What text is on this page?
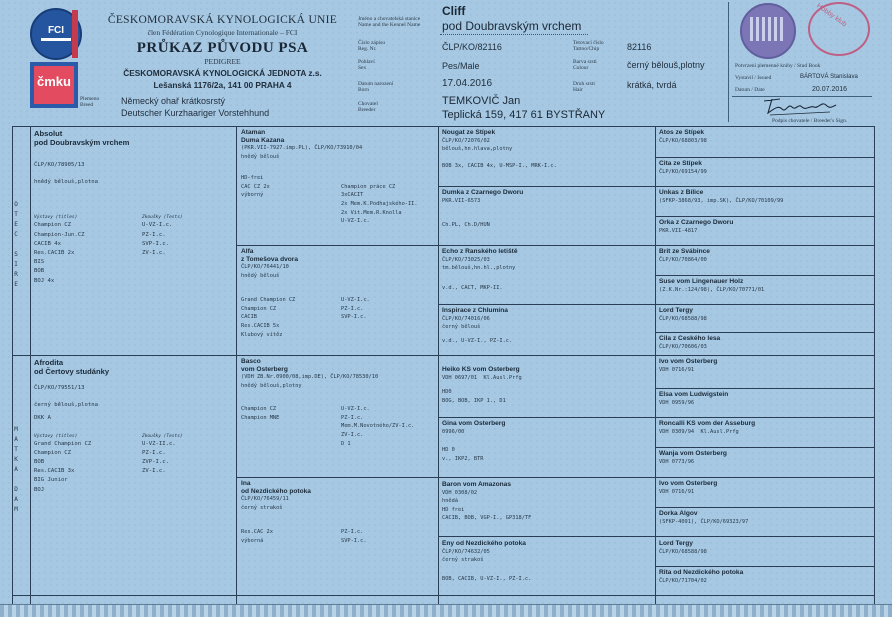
FCI
čmku
ČESKOMORAVSKÁ KYNOLOGICKÁ UNIE
člen Fédération Cynologique Internationale – FCI
PRŮKAZ PŮVODU PSA
PEDIGREE
ČESKOMORAVSKÁ KYNOLOGICKÁ JEDNOTA z.s.
Lešanská 1176/2a, 141 00 PRAHA 4
Plemeno
Breed	Německý ohař krátkosrstý
Deutscher Kurzhaariger Vorstehhund
Jméno a chovatelská stanice
Name and the Kennel Name
Číslo zápisu
Reg. Nr.
Pohlaví
Sex
Datum narození
Born
Chovatel
Breeder
Tetovací číslo
Tattoo/Chip
Barva srsti
Colour
Druh srsti
Hair
Cliff
pod Doubravským vrchem
ČLP/KO/82116
Pes/Male
17.04.2016
TEMKOVIČ Jan
Teplická 159, 417 61 BYSTŘANY
82116
černý bělouš,plotny
krátká, tvrdá
Hobby klub
Potvrzení plemenné knihy / Stud Book
Vystavil / Issued	BÁRTOVÁ Stanislava
Datum / Date	20.07.2016
Podpis chovatele / Breeder's Sign.
O
T
E
C

S
I
R
E
M
A
T
K
A

D
A
M
Absolut
pod Doubravským vrchem
ČLP/KO/78905/13
hnědý bělouš,plotna
Výstavy (titles)	Zkoušky (Tests)
Champion CZ
Champion-Jun.CZ
CACIB 4x
Res.CACIB 2x
BIS
BOB
BOJ 4x
U-VZ-I.c.
PZ-I.c.
SVP-I.c.
ZV-I.c.
Afrodita
od Čertovy studánky
ČLP/KO/79551/13
černý bělouš,plotna
DKK A
Výstavy (titles)	Zkoušky (Tests)
Grand Champion CZ
Champion CZ
BOB
Res.CACIB 3x
BIG Junior
BOJ
U-VZ-II.c.
PZ-I.c.
ZVP-I.c.
ZV-I.c.
Ataman
Duma Kazana
(PKR.VII-7927.imp.PL), ČLP/KO/73910/04
hnědý bělouš
HD-frei
CAC CZ 2x
výborný
Champion práce CZ
3xCACIT
2x Mem.K.Podhajského-II.
2x Vit.Mem.R.Knolla
U-VZ-I.c.
Alfa
z Tomešova dvora
ČLP/KO/76441/10
hnědý bělouš
Grand Champion CZ
Champion CZ
CACIB
Res.CACIB 5x
Klubový vítěz
U-VZ-I.c.
PZ-I.c.
SVP-I.c.
Basco
vom Osterberg
(VDH ZB.Nr.0900/08,imp.DE), ČLP/KO/78530/10
hnědý bělouš,plotny
Champion CZ
Champion MNE
U-VZ-I.c.
PZ-I.c.
Mem.M.Novotného/ZV-I.c.
ZV-I.c.
D 1
Ina
od Nezdického potoka
ČLP/KO/76459/11
černý strakoš
Res.CAC 2x
výborná
PZ-I.c.
SVP-I.c.
Nougat ze Štípek
ČLP/KO/72076/02
bělouš,hn.hlava,plotny
BOB 3x, CACIB 4x, U-MSP-I., MRK-I.c.
Dumka z Czarnego Dworu
PKR.VII-6573
Ch.PL, Ch.D/HUN
Echo z Ranského letiště
ČLP/KO/73025/03
tm.bělouš,hn.hl.,plotny
v.d., CACT, MKP-II.
Inspirace z Chlumína
ČLP/KO/74016/06
černý bělouš
v.d., U-VZ-I., PZ-I.c.
Heiko KS vom Osterberg
VDH 0697/01  Kl.Ausl.Prfg
HD0
BOG, BOB, IKP 1., D1
Gina vom Osterberg
0996/00
HD 0
v., IKP2, BTR
Baron vom Amazonas
VDH 0308/02
hnědá
HD frei
CACIB, BOB, VGP-I., GP318/TF
Ény od Nezdického potoka
ČLP/KO/74632/05
černý strakoš
BOB, CACIB, U-VZ-I., PZ-I.c.
Atos ze Štípek
ČLP/KO/68803/98
Cita ze Štípek
ČLP/KO/69154/99
Unkas z Bílice
(SFKP-3868/93, imp.SK), ČLP/KO/70109/99
Orka z Czarnego Dworu
PKR.VII-4817
Brit ze Švábince
ČLP/KO/70864/00
Suse vom Lingenauer Holz
(Z.K.Nr.:124/98), ČLP/KO/70771/01
Lord Tergy
ČLP/KO/68588/98
Cila z Českého lesa
ČLP/KO/70606/03
Ivo vom Osterberg
VDH 0716/91
Elsa vom Ludwigstein
VDH 0959/96
Roncalli KS vom der Asseburg
VDH 0309/94  Kl.Ausl.Prfg
Wanja vom Osterberg
VDH 0773/96
Ivo vom Osterberg
VDH 0716/91
Dorka Algov
(SFKP-4091), ČLP/KO/69323/97
Lord Tergy
ČLP/KO/68588/98
Rita od Nezdického potoka
ČLP/KO/71704/02
